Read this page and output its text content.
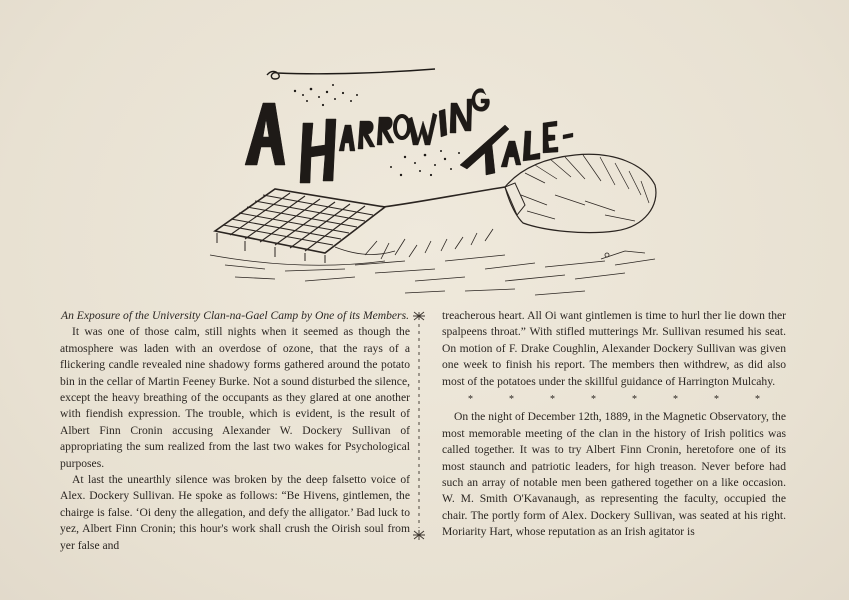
An Exposure of the University Clan-na-Gael Camp by One of its Members.

It was one of those calm, still nights when it seemed as though the atmosphere was laden with an overdose of ozone, that the rays of a flickering candle revealed nine shadowy forms gathered around the potato bin in the cellar of Martin Feeney Burke. Not a sound disturbed the silence, except the heavy breathing of the occupants as they glared at one another with fiendish expression. The trouble, which is evident, is the result of Albert Finn Cronin accusing Alexander W. Dockery Sullivan of appropriating the sum realized from the last two wakes for Psychological purposes.

At last the unearthly silence was broken by the deep falsetto voice of Alex. Dockery Sullivan. He spoke as follows: “Be Hivens, gintlemen, the chairge is false. ‘Oi deny the allegation, and defy the alligator.’ Bad luck to yez, Albert Finn Cronin; this hour's work shall crush the Oirish soul from yer false and

treacherous heart. All Oi want gintlemen is time to hurl ther lie down ther spalpeens throat.” With stifled mutterings Mr. Sullivan resumed his seat. On motion of F. Drake Coughlin, Alexander Dockery Sullivan was given one week to finish his report. The members then withdrew, as did also most of the potatoes under the skillful guidance of Harrington Mulcahy.

*	*	*	*	*	*	*	*

On the night of December 12th, 1889, in the Magnetic Observatory, the most memorable meeting of the clan in the history of Irish politics was called together. It was to try Albert Finn Cronin, heretofore one of its most staunch and patriotic leaders, for high treason. Never before had such an array of notable men been gathered together on a like occasion. W. M. Smith O'Kavanaugh, as representing the faculty, occupied the chair. The portly form of Alex. Dockery Sullivan, was seated at his right. Moriarity Hart, whose reputation as an Irish agitator is
